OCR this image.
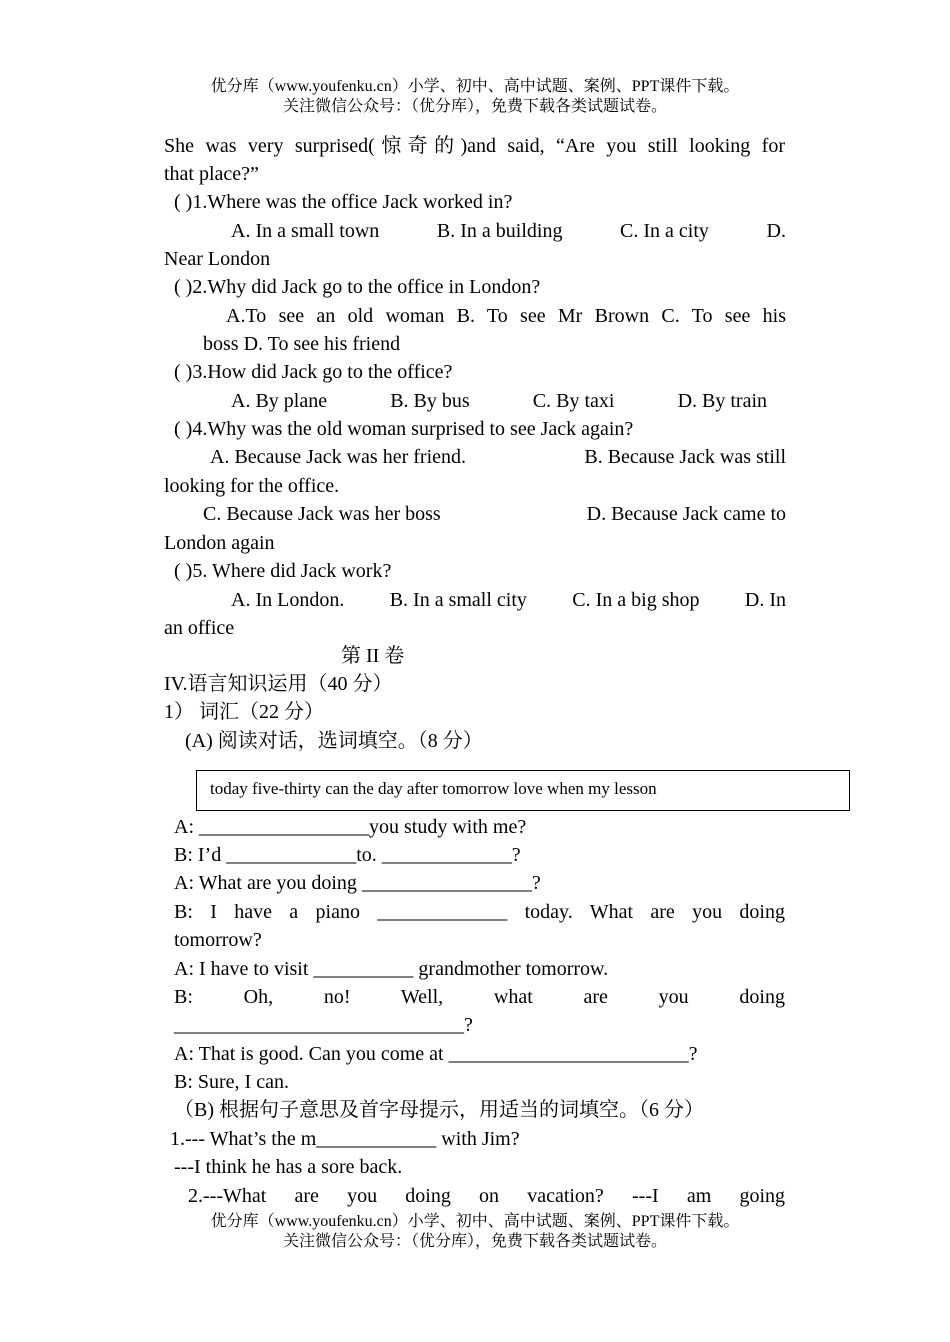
优分库（www.youfenku.cn）小学、初中、高中试题、案例、PPT课件下载。
关注微信公众号：（优分库），免费下载各类试题试卷。
She was very surprised(惊奇的)and said, “Are you still looking for
that place?”
( )1.Where was the office Jack worked in?
A. In a small town	B. In a building	C. In a city	D.
Near London
( )2.Why did Jack go to the office in London?
A.To see an old woman B. To see Mr Brown C. To see his
boss D. To see his friend
( )3.How did Jack go to the office?
A. By plane	B. By bus	C. By taxi	D. By train
( )4.Why was the old woman surprised to see Jack again?
A. Because Jack was her friend.	B. Because Jack was still
looking for the office.
C. Because Jack was her boss	D. Because Jack came to
London again
( )5. Where did Jack work?
A. In London. B. In a small city C. In a big shop D. In
an office
第 II 卷
IV.语言知识运用（40 分）
1） 词汇（22 分）
(A) 阅读对话，选词填空。（8 分）
today five-thirty can the day after tomorrow love when my lesson
A: _________________you study with me?
B: I’d _____________to. _____________?
A: What are you doing _________________?
B: I have a piano _____________ today. What are you doing
tomorrow?
A: I have to visit __________ grandmother tomorrow.
B: Oh, no! Well, what are you doing
_____________________________?
A: That is good. Can you come at ________________________?
B: Sure, I can.
（B) 根据句子意思及首字母提示，用适当的词填空。（6 分）
1.--- What’s the m____________ with Jim?
---I think he has a sore back.
2.---What are you doing on vacation? ---I am going
优分库（www.youfenku.cn）小学、初中、高中试题、案例、PPT课件下载。
关注微信公众号：（优分库），免费下载各类试题试卷。
